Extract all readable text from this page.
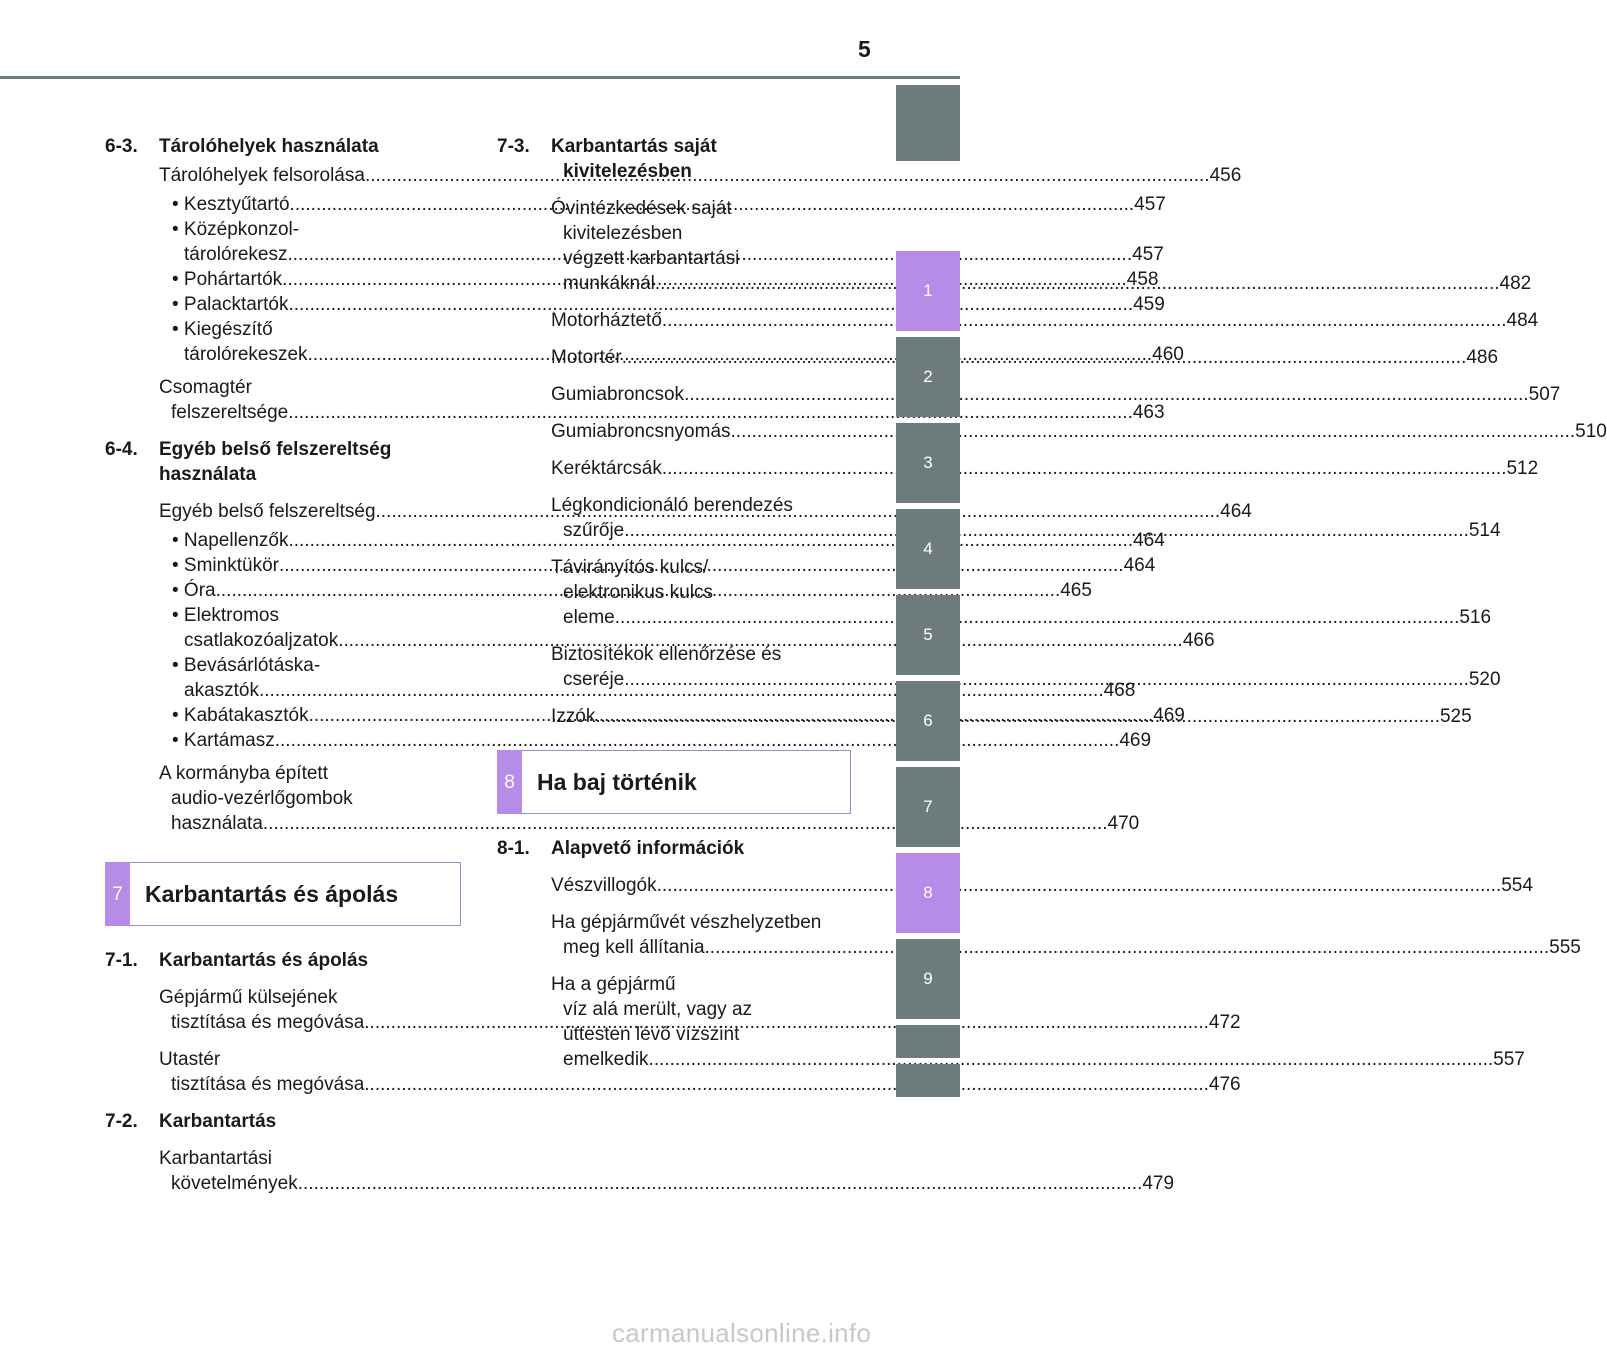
5
6-3.	Tárolóhelyek használata
Tárolóhelyek felsorolása .....	456
• Kesztyűtartó .....	457
• Középkonzol-
tárolórekesz .....	457
• Pohártartók .....	458
• Palacktartók .....	459
• Kiegészítő
tárolórekeszek .....	460
Csomagtér
felszereltsége .....	463
6-4. Egyéb belső felszereltség
használata
Egyéb belső felszereltség .....	464
• Napellenzők .....	464
• Sminktükör .....	464
• Óra .....	465
• Elektromos
csatlakozóaljzatok .....	466
• Bevásárlótáska-
akasztók .....	468
• Kabátakasztók .....	469
• Kartámasz .....	469
A kormányba épített
audio-vezérlőgombok
használata .....	470
7 Karbantartás és ápolás
7-1.	Karbantartás és ápolás
Gépjármű külsejének
tisztítása és megóvása .....	472
Utastér
tisztítása és megóvása .....	476
7-2.	Karbantartás
Karbantartási
követelmények .....	479
7-3. Karbantartás saját
kivitelezésben
Óvintézkedések saját
kivitelezésben
végzett karbantartási
munkáknál .....	482
Motorháztető .....	484
Motortér .....	486
Gumiabroncsok .....	507
Gumiabroncsnyomás .....	510
Keréktárcsák .....	512
Légkondicionáló berendezés
szűrője .....	514
Távirányítós kulcs/
elektronikus kulcs
eleme .....	516
Biztosítékok ellenőrzése és
cseréje .....	520
Izzók .....	525
8 Ha baj történik
8-1.	Alapvető információk
Vészvillogók .....	554
Ha gépjárművét vészhelyzetben
meg kell állítania .....	555
Ha a gépjármű
víz alá merült, vagy az
úttesten lévő vízszint
emelkedik .....	557
1
2
3
4
5
6
7
8
9
carmanualsonline.info
